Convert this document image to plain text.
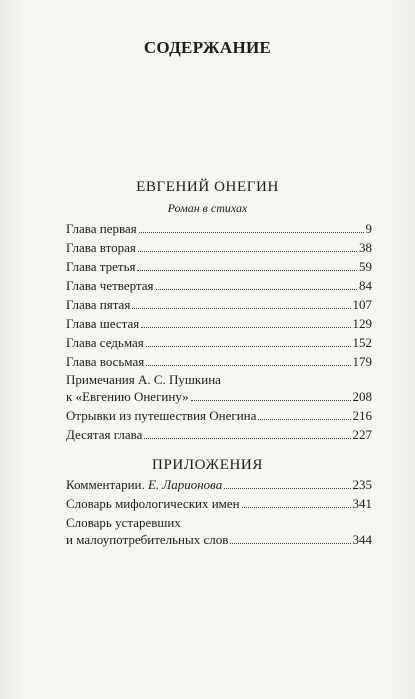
СОДЕРЖАНИЕ
ЕВГЕНИЙ ОНЕГИН
Роман в стихах
Глава первая	9
Глава вторая	38
Глава третья	59
Глава четвертая	84
Глава пятая	107
Глава шестая	129
Глава седьмая	152
Глава восьмая	179
Примечания А. С. Пушкина
к «Евгению Онегину»	208
Отрывки из путешествия Онегина	216
Десятая глава	227
ПРИЛОЖЕНИЯ
Комментарии. Е. Ларионова	235
Словарь мифологических имен	341
Словарь устаревших
и малоупотребительных слов	344
